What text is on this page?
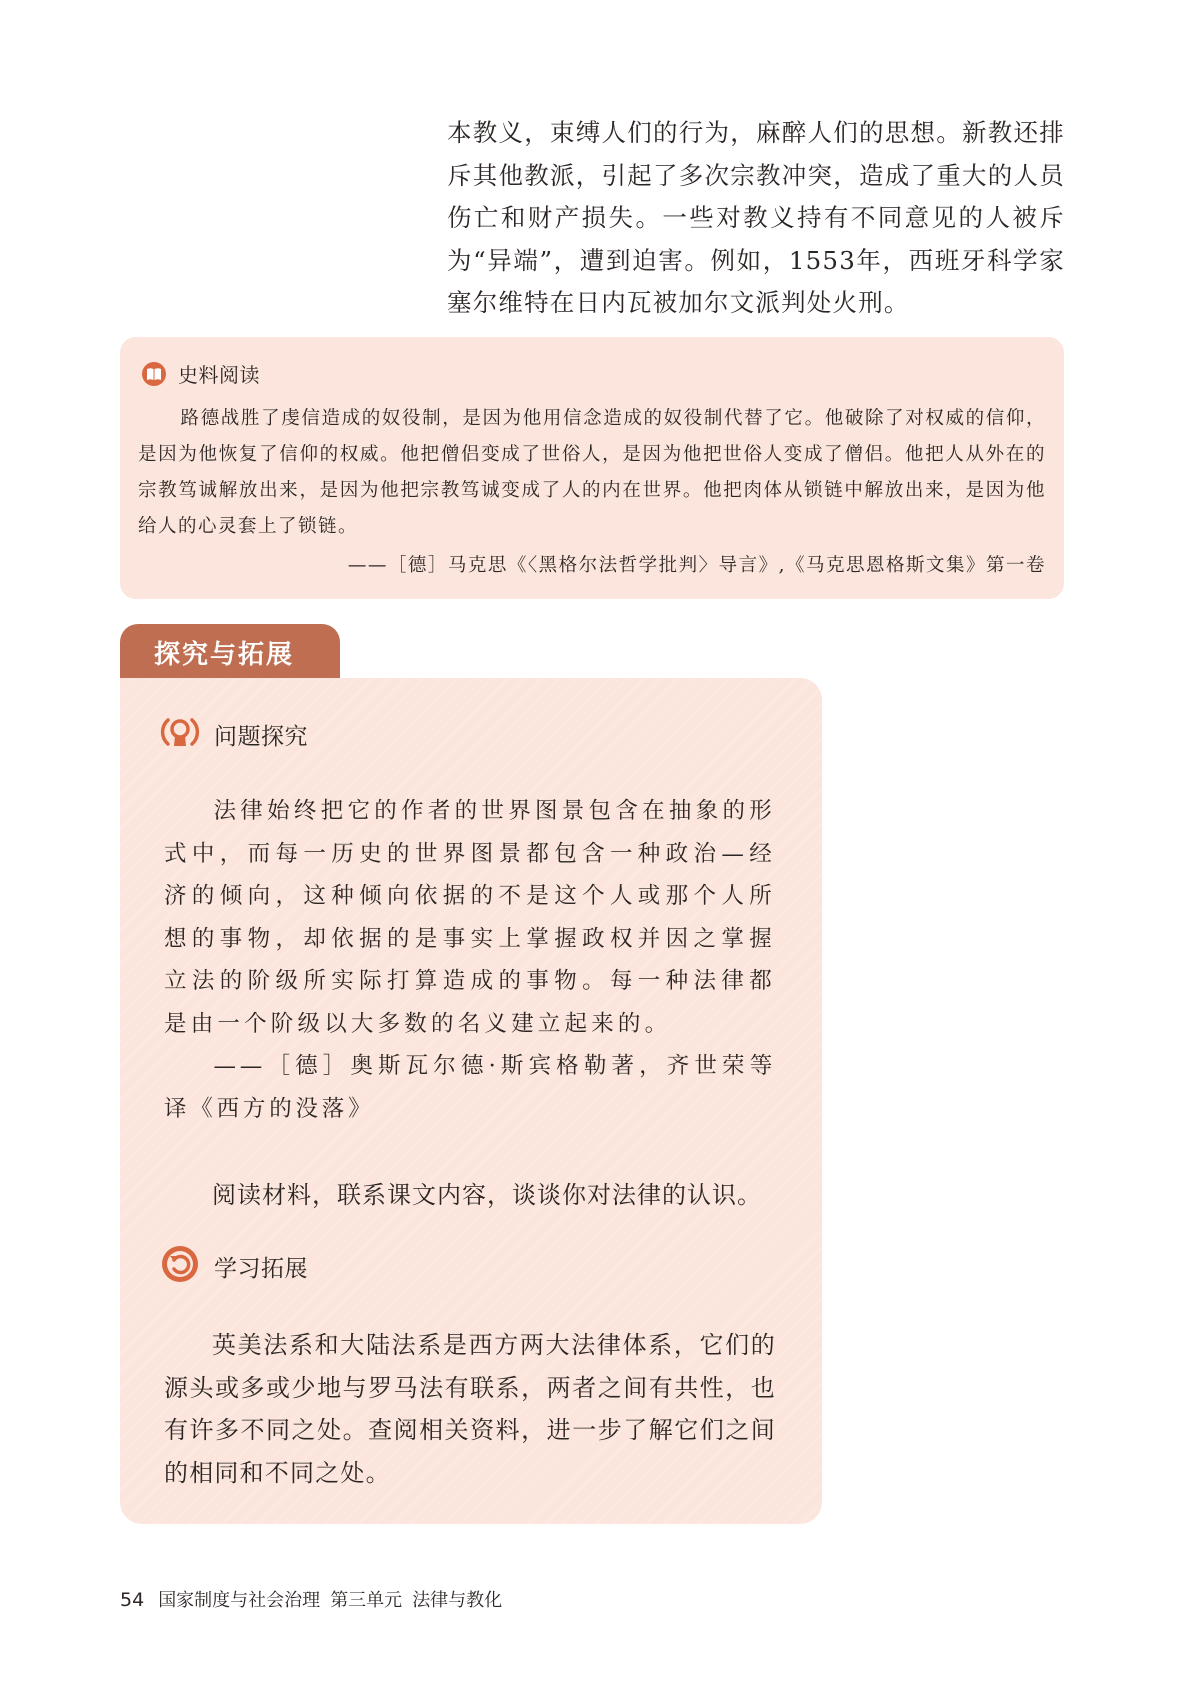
本教义，束缚人们的行为，麻醉人们的思想。新教还排斥其他教派，引起了多次宗教冲突，造成了重大的人员伤亡和财产损失。一些对教义持有不同意见的人被斥为“异端”，遭到迫害。例如，1553年，西班牙科学家塞尔维特在日内瓦被加尔文派判处火刑。

史料阅读

路德战胜了虔信造成的奴役制，是因为他用信念造成的奴役制代替了它。他破除了对权威的信仰，是因为他恢复了信仰的权威。他把僧侣变成了世俗人，是因为他把世俗人变成了僧侣。他把人从外在的宗教笃诚解放出来，是因为他把宗教笃诚变成了人的内在世界。他把肉体从锁链中解放出来，是因为他给人的心灵套上了锁链。

——［德］马克思《〈黑格尔法哲学批判〉导言》,《马克思恩格斯文集》第一卷

探究与拓展
问题探究

法律始终把它的作者的世界图景包含在抽象的形式中，而每一历史的世界图景都包含一种政治—经济的倾向，这种倾向依据的不是这个人或那个人所想的事物，却依据的是事实上掌握政权并因之掌握立法的阶级所实际打算造成的事物。每一种法律都是由一个阶级以大多数的名义建立起来的。

——［德］奥斯瓦尔德·斯宾格勒著，齐世荣等译《西方的没落》

阅读材料，联系课文内容，谈谈你对法律的认识。

学习拓展

英美法系和大陆法系是西方两大法律体系，它们的源头或多或少地与罗马法有联系，两者之间有共性，也有许多不同之处。查阅相关资料，进一步了解它们之间的相同和不同之处。

54 国家制度与社会治理 第三单元 法律与教化
